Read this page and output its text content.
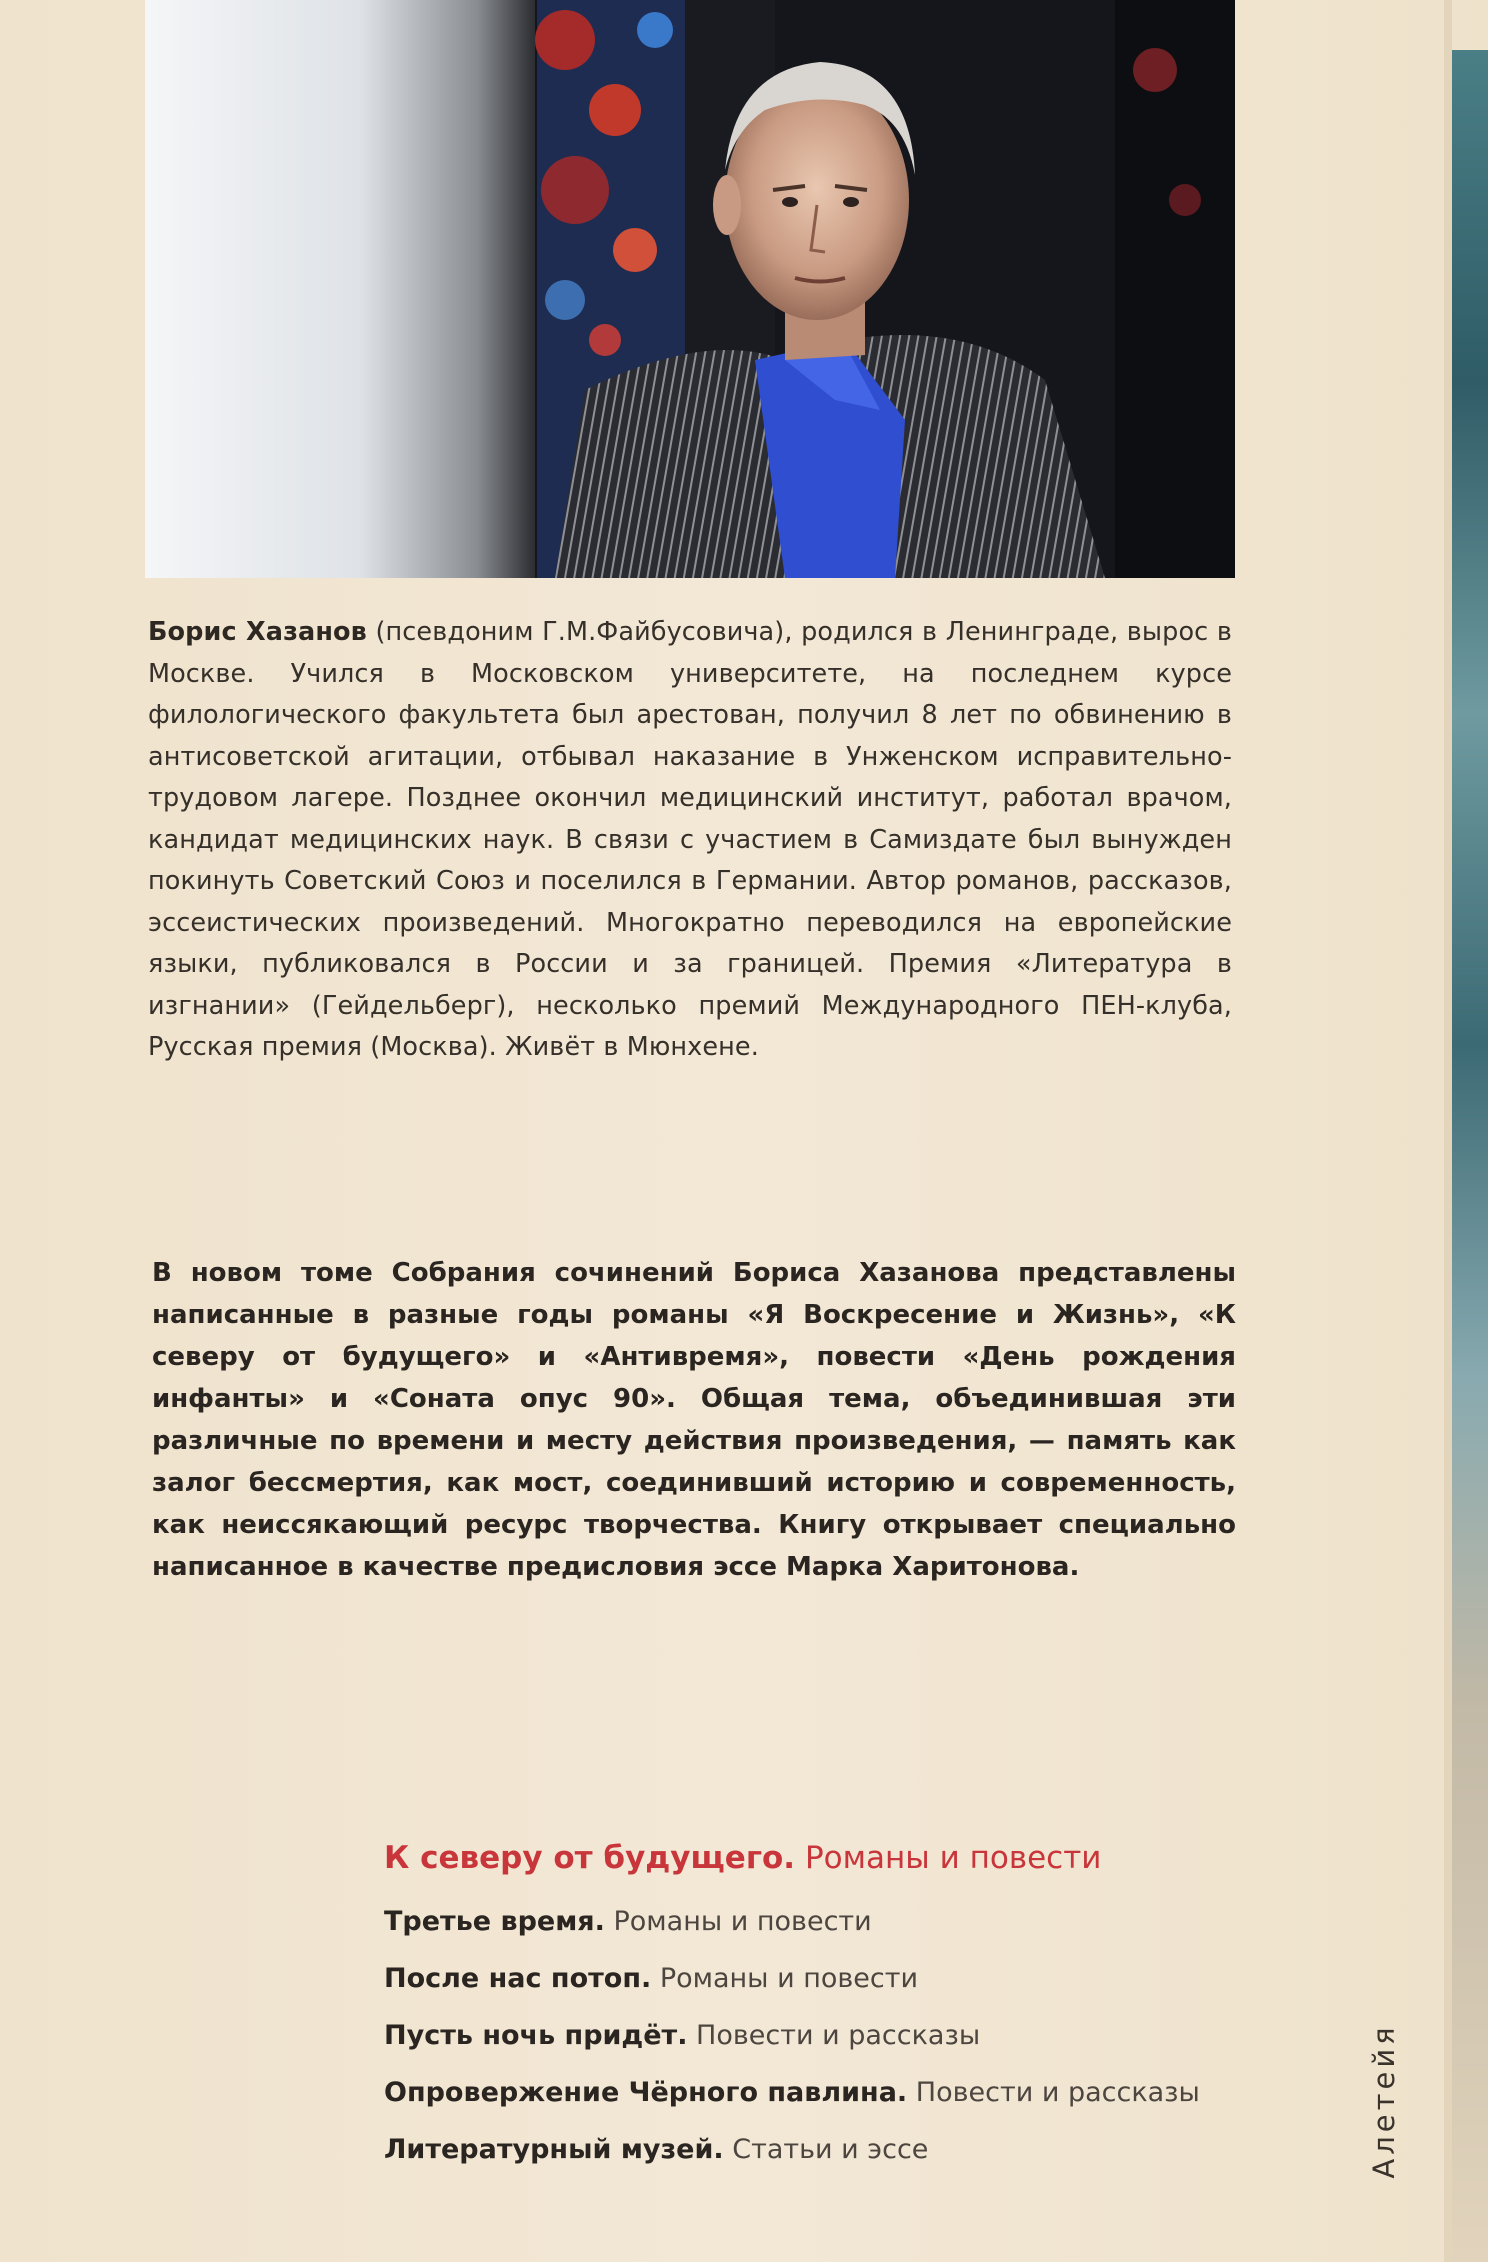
Борис Хазанов (псевдоним Г.М.Файбусовича), родился в Ленинграде, вырос в Москве. Учился в Московском университете, на последнем курсе филологического факультета был арестован, получил 8 лет по обвинению в антисоветской агитации, отбывал наказание в Унженском исправительно-трудовом лагере. Позднее окончил медицинский институт, работал врачом, кандидат медицинских наук. В связи с участием в Самиздате был вынужден покинуть Советский Союз и поселился в Германии. Автор романов, рассказов, эссеистических произведений. Многократно переводился на европейские языки, публиковался в России и за границей. Премия «Литература в изгнании» (Гейдельберг), несколько премий Международного ПЕН-клуба, Русская премия (Москва). Живёт в Мюнхене.

В новом томе Собрания сочинений Бориса Хазанова представлены написанные в разные годы романы «Я Воскресение и Жизнь», «К северу от будущего» и «Антивремя», повести «День рождения инфанты» и «Соната опус 90». Общая тема, объединившая эти различные по времени и месту действия произведения, — память как залог бессмертия, как мост, соединивший историю и современность, как неиссякающий ресурс творчества. Книгу открывает специально написанное в качестве предисловия эссе Марка Харитонова.

К северу от будущего. Романы и повести
Третье время. Романы и повести
После нас потоп. Романы и повести
Пусть ночь придёт. Повести и рассказы
Опровержение Чёрного павлина. Повести и рассказы
Литературный музей. Статьи и эссе	Алетейя
